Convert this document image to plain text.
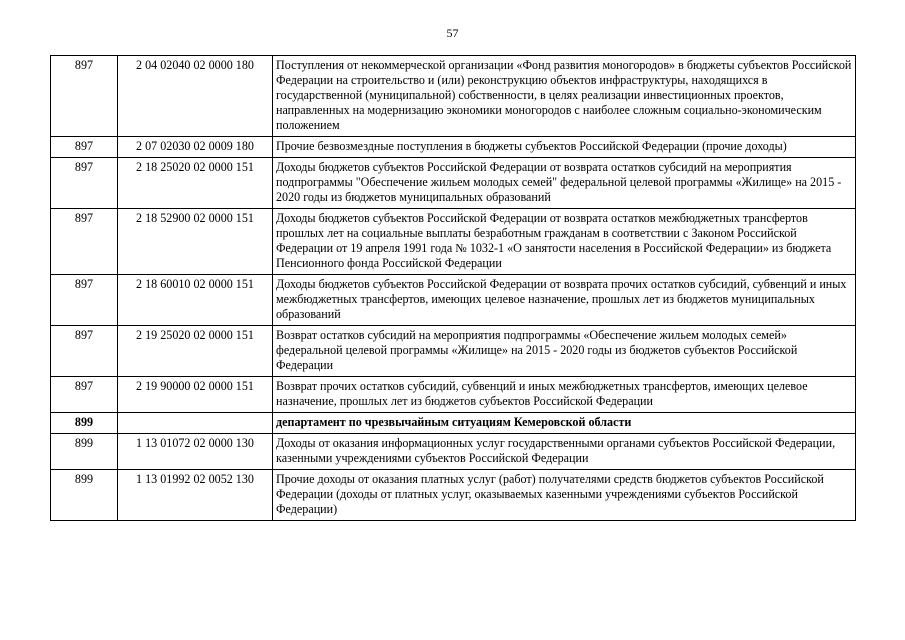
57
897	2 04 02040 02 0000 180	Поступления от некоммерческой организации «Фонд развития моногородов» в бюджеты субъектов Российской Федерации на строительство и (или) реконструкцию объектов инфраструктуры, находящихся в государственной (муниципальной) собственности, в целях реализации инвестиционных проектов, направленных на модернизацию экономики моногородов с наиболее сложным социально-экономическим положением
897	2 07 02030 02 0009 180	Прочие безвозмездные поступления в бюджеты субъектов Российской Федерации (прочие доходы)
897	2 18 25020 02 0000 151	Доходы бюджетов субъектов Российской Федерации от возврата остатков субсидий на мероприятия подпрограммы "Обеспечение жильем молодых семей" федеральной целевой программы «Жилище» на 2015 - 2020 годы из бюджетов муниципальных образований
897	2 18 52900 02 0000 151	Доходы бюджетов субъектов Российской Федерации от возврата остатков межбюджетных трансфертов прошлых лет на социальные выплаты безработным гражданам в соответствии с Законом Российской Федерации от 19 апреля 1991 года № 1032-1 «О занятости населения в Российской Федерации» из бюджета Пенсионного фонда Российской Федерации
897	2 18 60010 02 0000 151	Доходы бюджетов субъектов Российской Федерации от возврата прочих остатков субсидий, субвенций и иных межбюджетных трансфертов, имеющих целевое назначение, прошлых лет из бюджетов муниципальных образований
897	2 19 25020 02 0000 151	Возврат остатков субсидий на мероприятия подпрограммы «Обеспечение жильем молодых семей» федеральной целевой программы «Жилище» на 2015 - 2020 годы из бюджетов субъектов Российской Федерации
897	2 19 90000 02 0000 151	Возврат прочих остатков субсидий, субвенций и иных межбюджетных трансфертов, имеющих целевое назначение, прошлых лет из бюджетов субъектов Российской Федерации
899		департамент по чрезвычайным ситуациям Кемеровской области
899	1 13 01072 02 0000 130	Доходы от оказания информационных услуг государственными органами субъектов Российской Федерации, казенными учреждениями субъектов Российской Федерации
899	1 13 01992 02 0052 130	Прочие доходы от оказания платных услуг (работ) получателями средств бюджетов субъектов Российской Федерации (доходы от платных услуг, оказываемых казенными учреждениями субъектов Российской Федерации)
